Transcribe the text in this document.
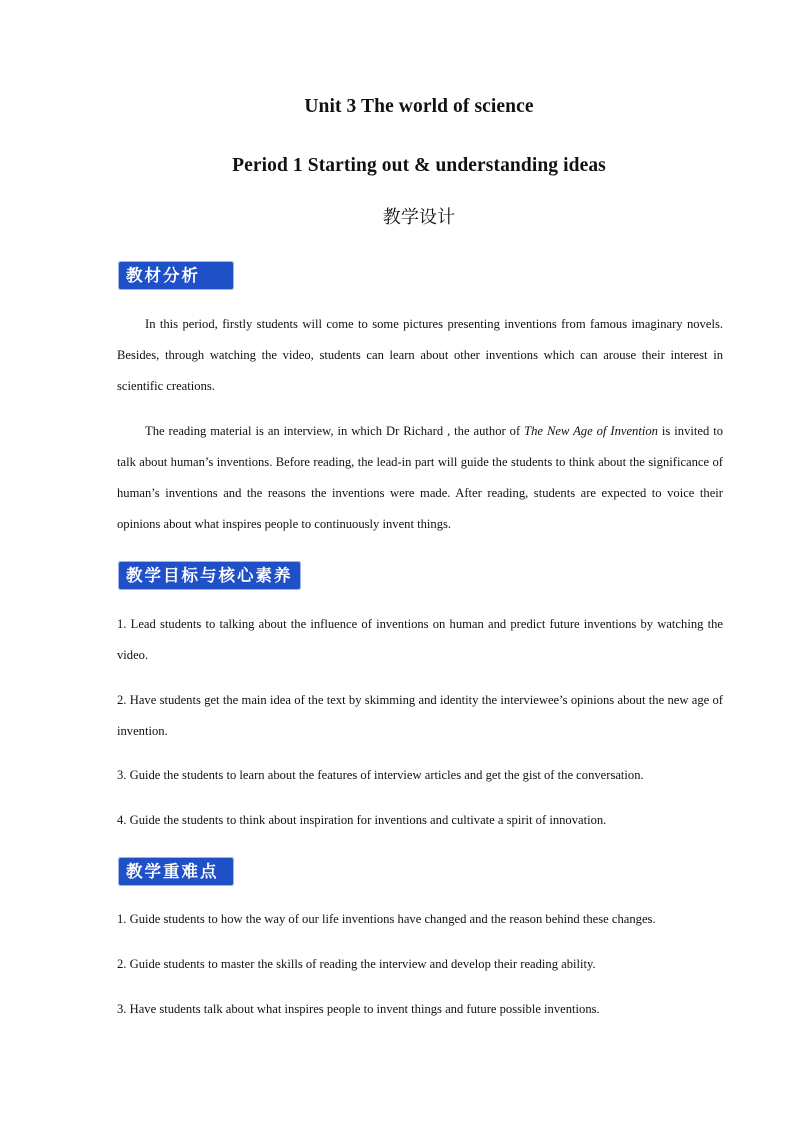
Unit 3 The world of science
Period 1 Starting out & understanding ideas
教学设计
教材分析

In this period, firstly students will come to some pictures presenting inventions from famous imaginary novels. Besides, through watching the video, students can learn about other inventions which can arouse their interest in scientific creations.

The reading material is an interview, in which Dr Richard , the author of The New Age of Invention is invited to talk about human’s inventions. Before reading, the lead-in part will guide the students to think about the significance of human’s inventions and the reasons the inventions were made. After reading, students are expected to voice their opinions about what inspires people to continuously invent things.

教学目标与核心素养

1. Lead students to talking about the influence of inventions on human and predict future inventions by watching the video.

2. Have students get the main idea of the text by skimming and identity the interviewee’s opinions about the new age of invention.

3. Guide the students to learn about the features of interview articles and get the gist of the conversation.

4. Guide the students to think about inspiration for inventions and cultivate a spirit of innovation.

教学重难点

1. Guide students to how the way of our life inventions have changed and the reason behind these changes.

2. Guide students to master the skills of reading the interview and develop their reading ability.

3. Have students talk about what inspires people to invent things and future possible inventions.
